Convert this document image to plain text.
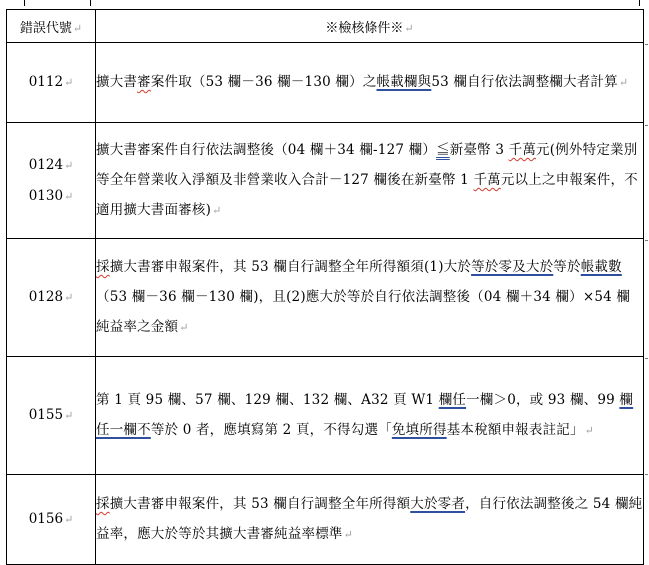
錯誤代號↵	※檢核條件※↵

0112↵	擴大書審案件取（53 欄－36 欄－130 欄）之帳載欄與53 欄自行依法調整欄大者計算↵

0124↵
0130↵	擴大書審案件自行依法調整後（04 欄＋34 欄-127 欄）≦新臺幣 3 千萬元(例外特定業別等全年營業收入淨額及非營業收入合計－127 欄後在新臺幣 1 千萬元以上之申報案件，不適用擴大書面審核)↵

0128↵	採擴大書審申報案件，其 53 欄自行調整全年所得額須(1)大於等於零及大於等於帳載數（53 欄－36 欄－130 欄)，且(2)應大於等於自行依法調整後（04 欄＋34 欄）×54 欄純益率之金額↵

0155↵	第 1 頁 95 欄、57 欄、129 欄、132 欄、A32 頁 W1 欄任一欄＞0，或 93 欄、99 欄任一欄不等於 0 者，應填寫第 2 頁，不得勾選「免填所得基本稅額申報表註記」↵

0156↵	採擴大書審申報案件，其 53 欄自行調整全年所得額大於零者，自行依法調整後之 54 欄純益率，應大於等於其擴大書審純益率標準↵
